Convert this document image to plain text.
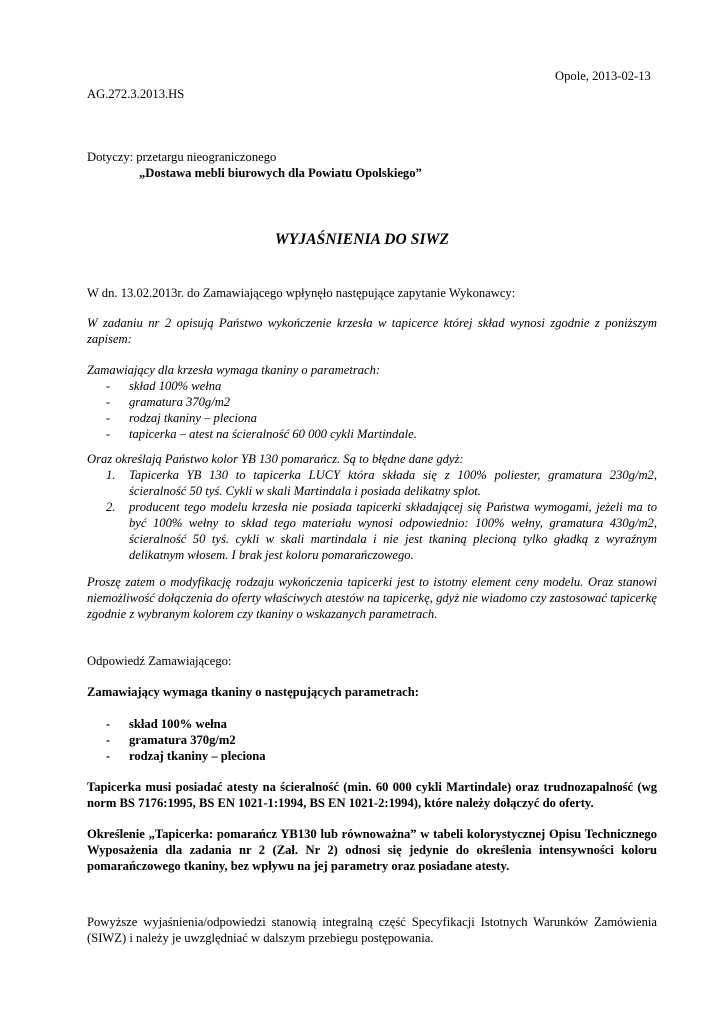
Opole, 2013-02-13
AG.272.3.2013.HS
Dotyczy: przetargu nieograniczonego
„Dostawa mebli biurowych dla Powiatu Opolskiego”
WYJAŚNIENIA DO SIWZ
W dn. 13.02.2013r. do Zamawiającego wpłynęło następujące zapytanie Wykonawcy:
W zadaniu nr 2 opisują Państwo wykończenie krzesła w tapicerce której skład wynosi zgodnie z poniższym zapisem:
Zamawiający dla krzesła wymaga tkaniny o parametrach:
- skład 100% wełna
- gramatura 370g/m2
- rodzaj tkaniny – pleciona
- tapicerka – atest na ścieralność 60 000 cykli Martindale.
Oraz określają Państwo kolor YB 130 pomarańcz. Są to błędne dane gdyż:
1. Tapicerka YB 130 to tapicerka LUCY która składa się z 100% poliester, gramatura 230g/m2, ścieralność 50 tyś. Cykli w skali Martindala i posiada delikatny splot.
2. producent tego modelu krzesła nie posiada tapicerki składającej się Państwa wymogami, jeżeli ma to być 100% wełny to skład tego materiału wynosi odpowiednio: 100% wełny, gramatura 430g/m2, ścieralność 50 tyś. cykli w skali martindala i nie jest tkaniną plecioną tylko gładką z wyraźnym delikatnym włosem. I brak jest koloru pomarańczowego.
Proszę zatem o modyfikację rodzaju wykończenia tapicerki jest to istotny element ceny modelu. Oraz stanowi niemożliwość dołączenia do oferty właściwych atestów na tapicerkę, gdyż nie wiadomo czy zastosować tapicerkę zgodnie z wybranym kolorem czy tkaniny o wskazanych parametrach.
Odpowiedź Zamawiającego:
Zamawiający wymaga tkaniny o następujących parametrach:
- skład 100% wełna
- gramatura 370g/m2
- rodzaj tkaniny – pleciona
Tapicerka musi posiadać atesty na ścieralność (min. 60 000 cykli Martindale) oraz trudnozapalność (wg norm BS 7176:1995, BS EN 1021-1:1994, BS EN 1021-2:1994), które należy dołączyć do oferty.
Określenie „Tapicerka: pomarańcz YB130 lub równoważna” w tabeli kolorystycznej Opisu Technicznego Wyposażenia dla zadania nr 2 (Zał. Nr 2) odnosi się jedynie do określenia intensywności koloru pomarańczowego tkaniny, bez wpływu na jej parametry oraz posiadane atesty.
Powyższe wyjaśnienia/odpowiedzi stanowią integralną część Specyfikacji Istotnych Warunków Zamówienia (SIWZ) i należy je uwzględniać w dalszym przebiegu postępowania.
